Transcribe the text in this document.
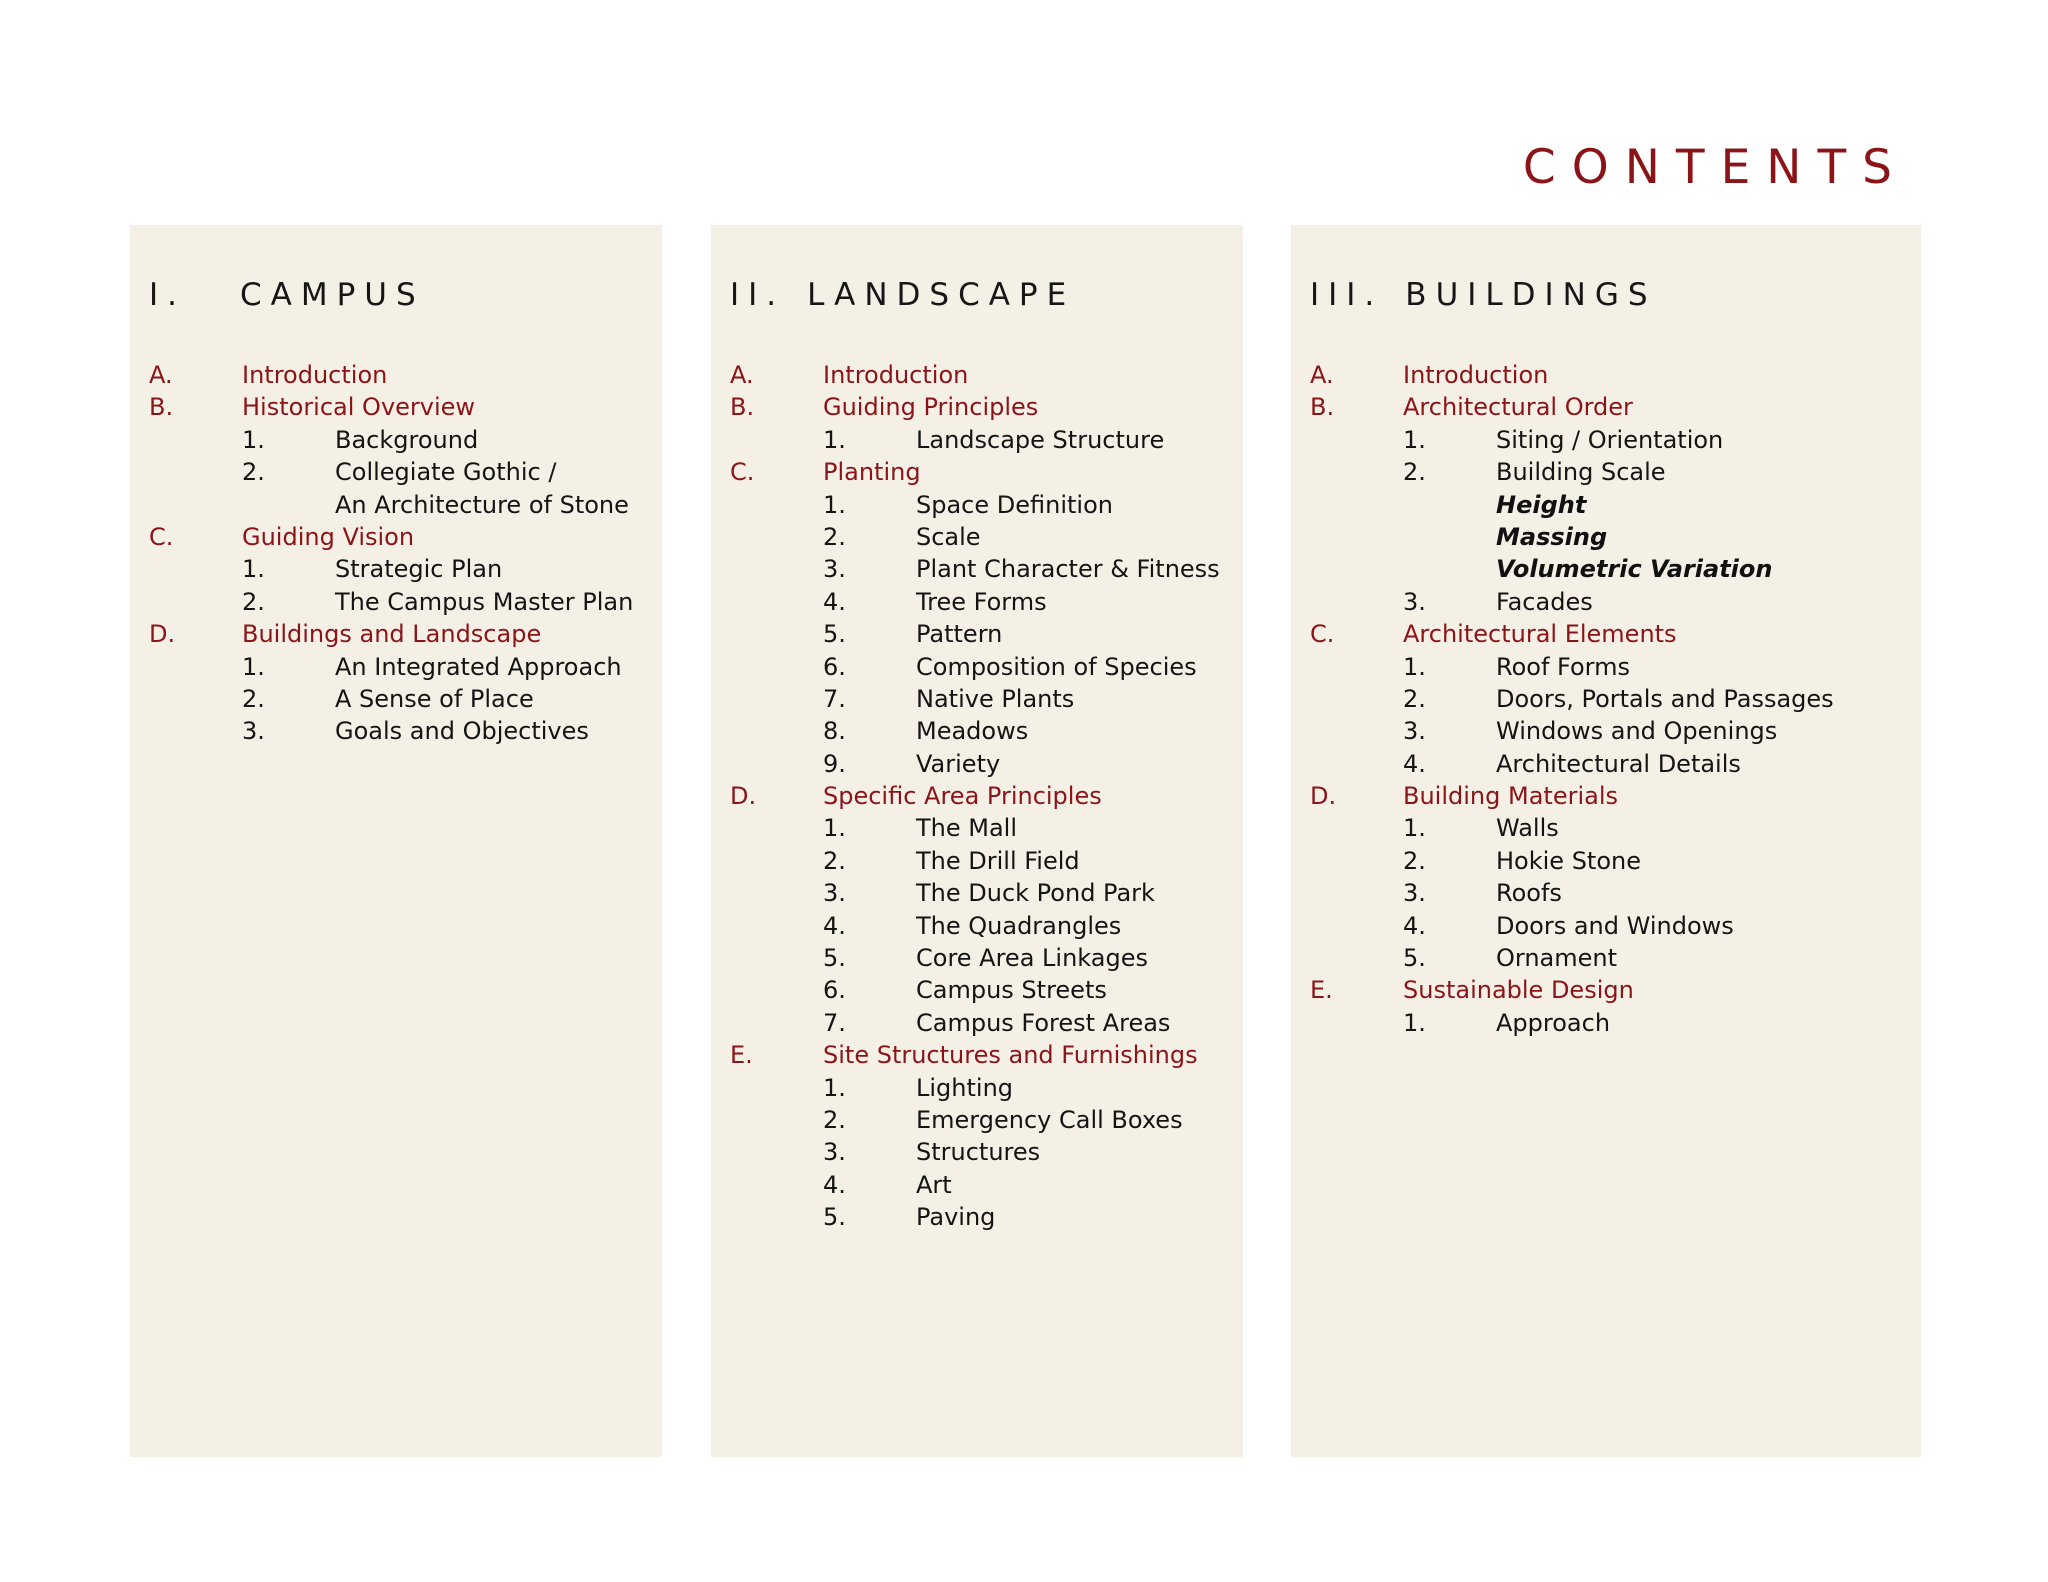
CONTENTS
I.	CAMPUS
A.	Introduction
B.	Historical Overview
1.	Background
2.	Collegiate Gothic /
An Architecture of Stone
C.	Guiding Vision
1.	Strategic Plan
2.	The Campus Master Plan
D.	Buildings and Landscape
1.	An Integrated Approach
2.	A Sense of Place
3.	Goals and Objectives
II. LANDSCAPE
A.	Introduction
B.	Guiding Principles
1.	Landscape Structure
C.	Planting
1.	Space Definition
2.	Scale
3.	Plant Character & Fitness
4.	Tree Forms
5.	Pattern
6.	Composition of Species
7.	Native Plants
8.	Meadows
9.	Variety
D.	Specific Area Principles
1.	The Mall
2.	The Drill Field
3.	The Duck Pond Park
4.	The Quadrangles
5.	Core Area Linkages
6.	Campus Streets
7.	Campus Forest Areas
E.	Site Structures and Furnishings
1.	Lighting
2.	Emergency Call Boxes
3.	Structures
4.	Art
5.	Paving
III. BUILDINGS
A.	Introduction
B.	Architectural Order
1.	Siting / Orientation
2.	Building Scale
Height
Massing
Volumetric Variation
3.	Facades
C.	Architectural Elements
1.	Roof Forms
2.	Doors, Portals and Passages
3.	Windows and Openings
4.	Architectural Details
D.	Building Materials
1.	Walls
2.	Hokie Stone
3.	Roofs
4.	Doors and Windows
5.	Ornament
E.	Sustainable Design
1.	Approach
